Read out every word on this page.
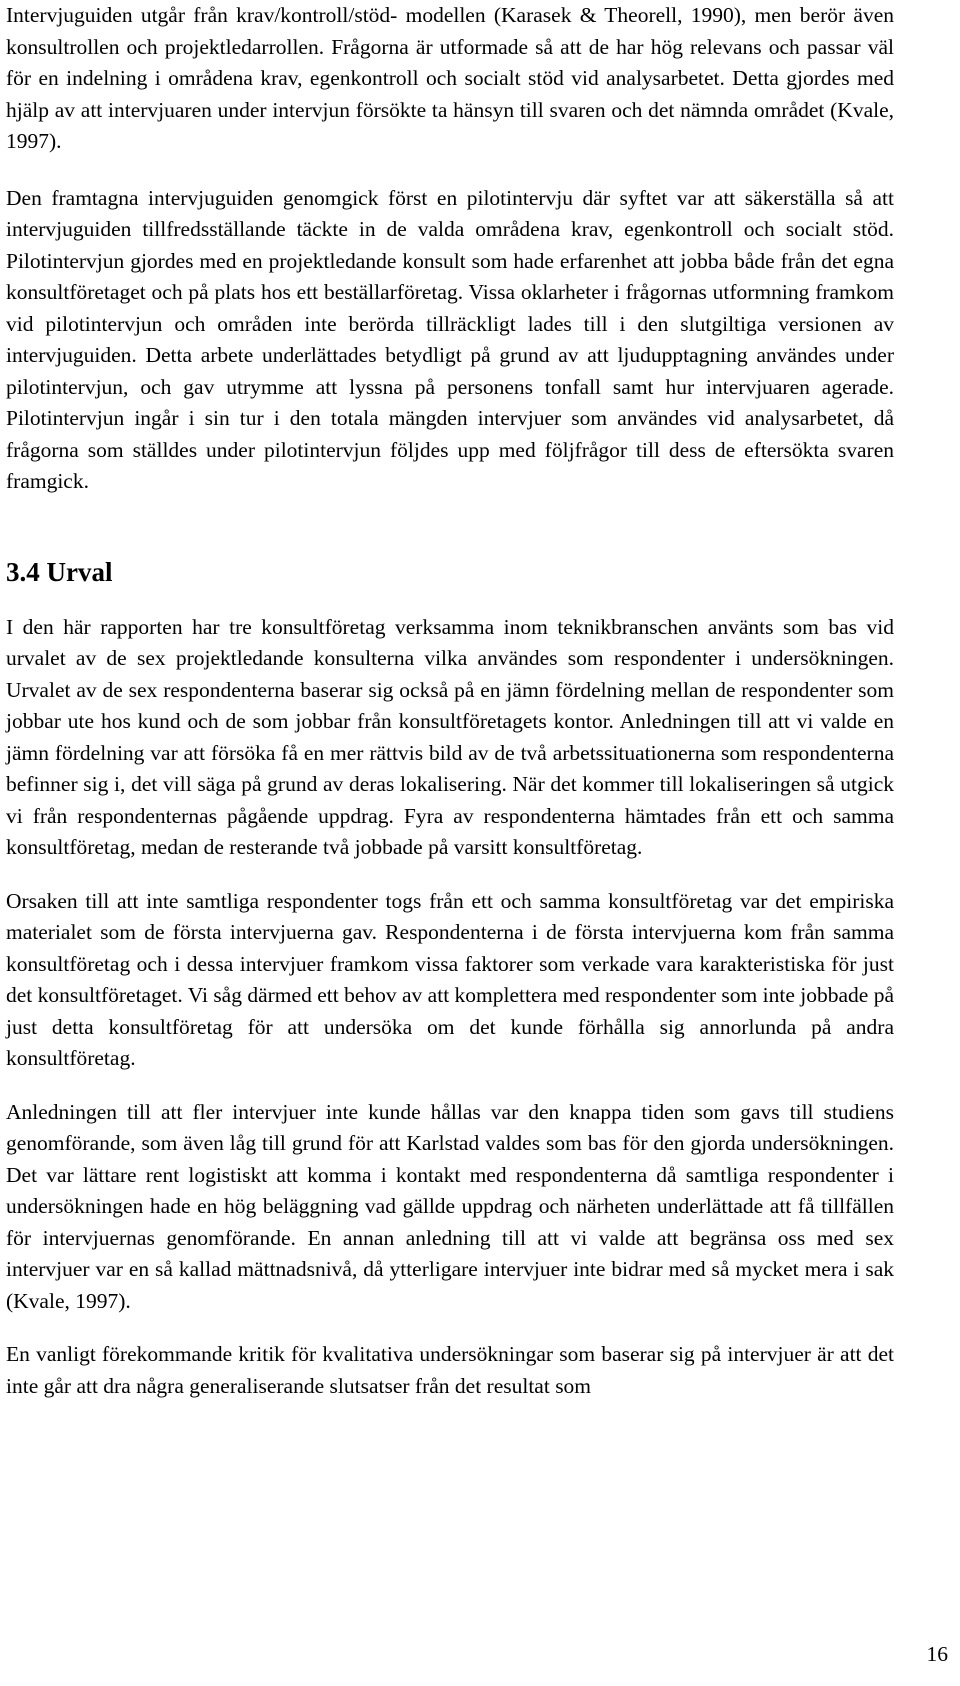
Intervjuguiden utgår från krav/kontroll/stöd- modellen (Karasek & Theorell, 1990), men berör även konsultrollen och projektledarrollen. Frågorna är utformade så att de har hög relevans och passar väl för en indelning i områdena krav, egenkontroll och socialt stöd vid analysarbetet. Detta gjordes med hjälp av att intervjuaren under intervjun försökte ta hänsyn till svaren och det nämnda området (Kvale, 1997).

Den framtagna intervjuguiden genomgick först en pilotintervju där syftet var att säkerställa så att intervjuguiden tillfredsställande täckte in de valda områdena krav, egenkontroll och socialt stöd. Pilotintervjun gjordes med en projektledande konsult som hade erfarenhet att jobba både från det egna konsultföretaget och på plats hos ett beställarföretag. Vissa oklarheter i frågornas utformning framkom vid pilotintervjun och områden inte berörda tillräckligt lades till i den slutgiltiga versionen av intervjuguiden. Detta arbete underlättades betydligt på grund av att ljudupptagning användes under pilotintervjun, och gav utrymme att lyssna på personens tonfall samt hur intervjuaren agerade. Pilotintervjun ingår i sin tur i den totala mängden intervjuer som användes vid analysarbetet, då frågorna som ställdes under pilotintervjun följdes upp med följfrågor till dess de eftersökta svaren framgick.

3.4 Urval

I den här rapporten har tre konsultföretag verksamma inom teknikbranschen använts som bas vid urvalet av de sex projektledande konsulterna vilka användes som respondenter i undersökningen. Urvalet av de sex respondenterna baserar sig också på en jämn fördelning mellan de respondenter som jobbar ute hos kund och de som jobbar från konsultföretagets kontor. Anledningen till att vi valde en jämn fördelning var att försöka få en mer rättvis bild av de två arbetssituationerna som respondenterna befinner sig i, det vill säga på grund av deras lokalisering. När det kommer till lokaliseringen så utgick vi från respondenternas pågående uppdrag. Fyra av respondenterna hämtades från ett och samma konsultföretag, medan de resterande två jobbade på varsitt konsultföretag.

Orsaken till att inte samtliga respondenter togs från ett och samma konsultföretag var det empiriska materialet som de första intervjuerna gav. Respondenterna i de första intervjuerna kom från samma konsultföretag och i dessa intervjuer framkom vissa faktorer som verkade vara karakteristiska för just det konsultföretaget. Vi såg därmed ett behov av att komplettera med respondenter som inte jobbade på just detta konsultföretag för att undersöka om det kunde förhålla sig annorlunda på andra konsultföretag.

Anledningen till att fler intervjuer inte kunde hållas var den knappa tiden som gavs till studiens genomförande, som även låg till grund för att Karlstad valdes som bas för den gjorda undersökningen. Det var lättare rent logistiskt att komma i kontakt med respondenterna då samtliga respondenter i undersökningen hade en hög beläggning vad gällde uppdrag och närheten underlättade att få tillfällen för intervjuernas genomförande. En annan anledning till att vi valde att begränsa oss med sex intervjuer var en så kallad mättnadsnivå, då ytterligare intervjuer inte bidrar med så mycket mera i sak (Kvale, 1997).

En vanligt förekommande kritik för kvalitativa undersökningar som baserar sig på intervjuer är att det inte går att dra några generaliserande slutsatser från det resultat som

16
